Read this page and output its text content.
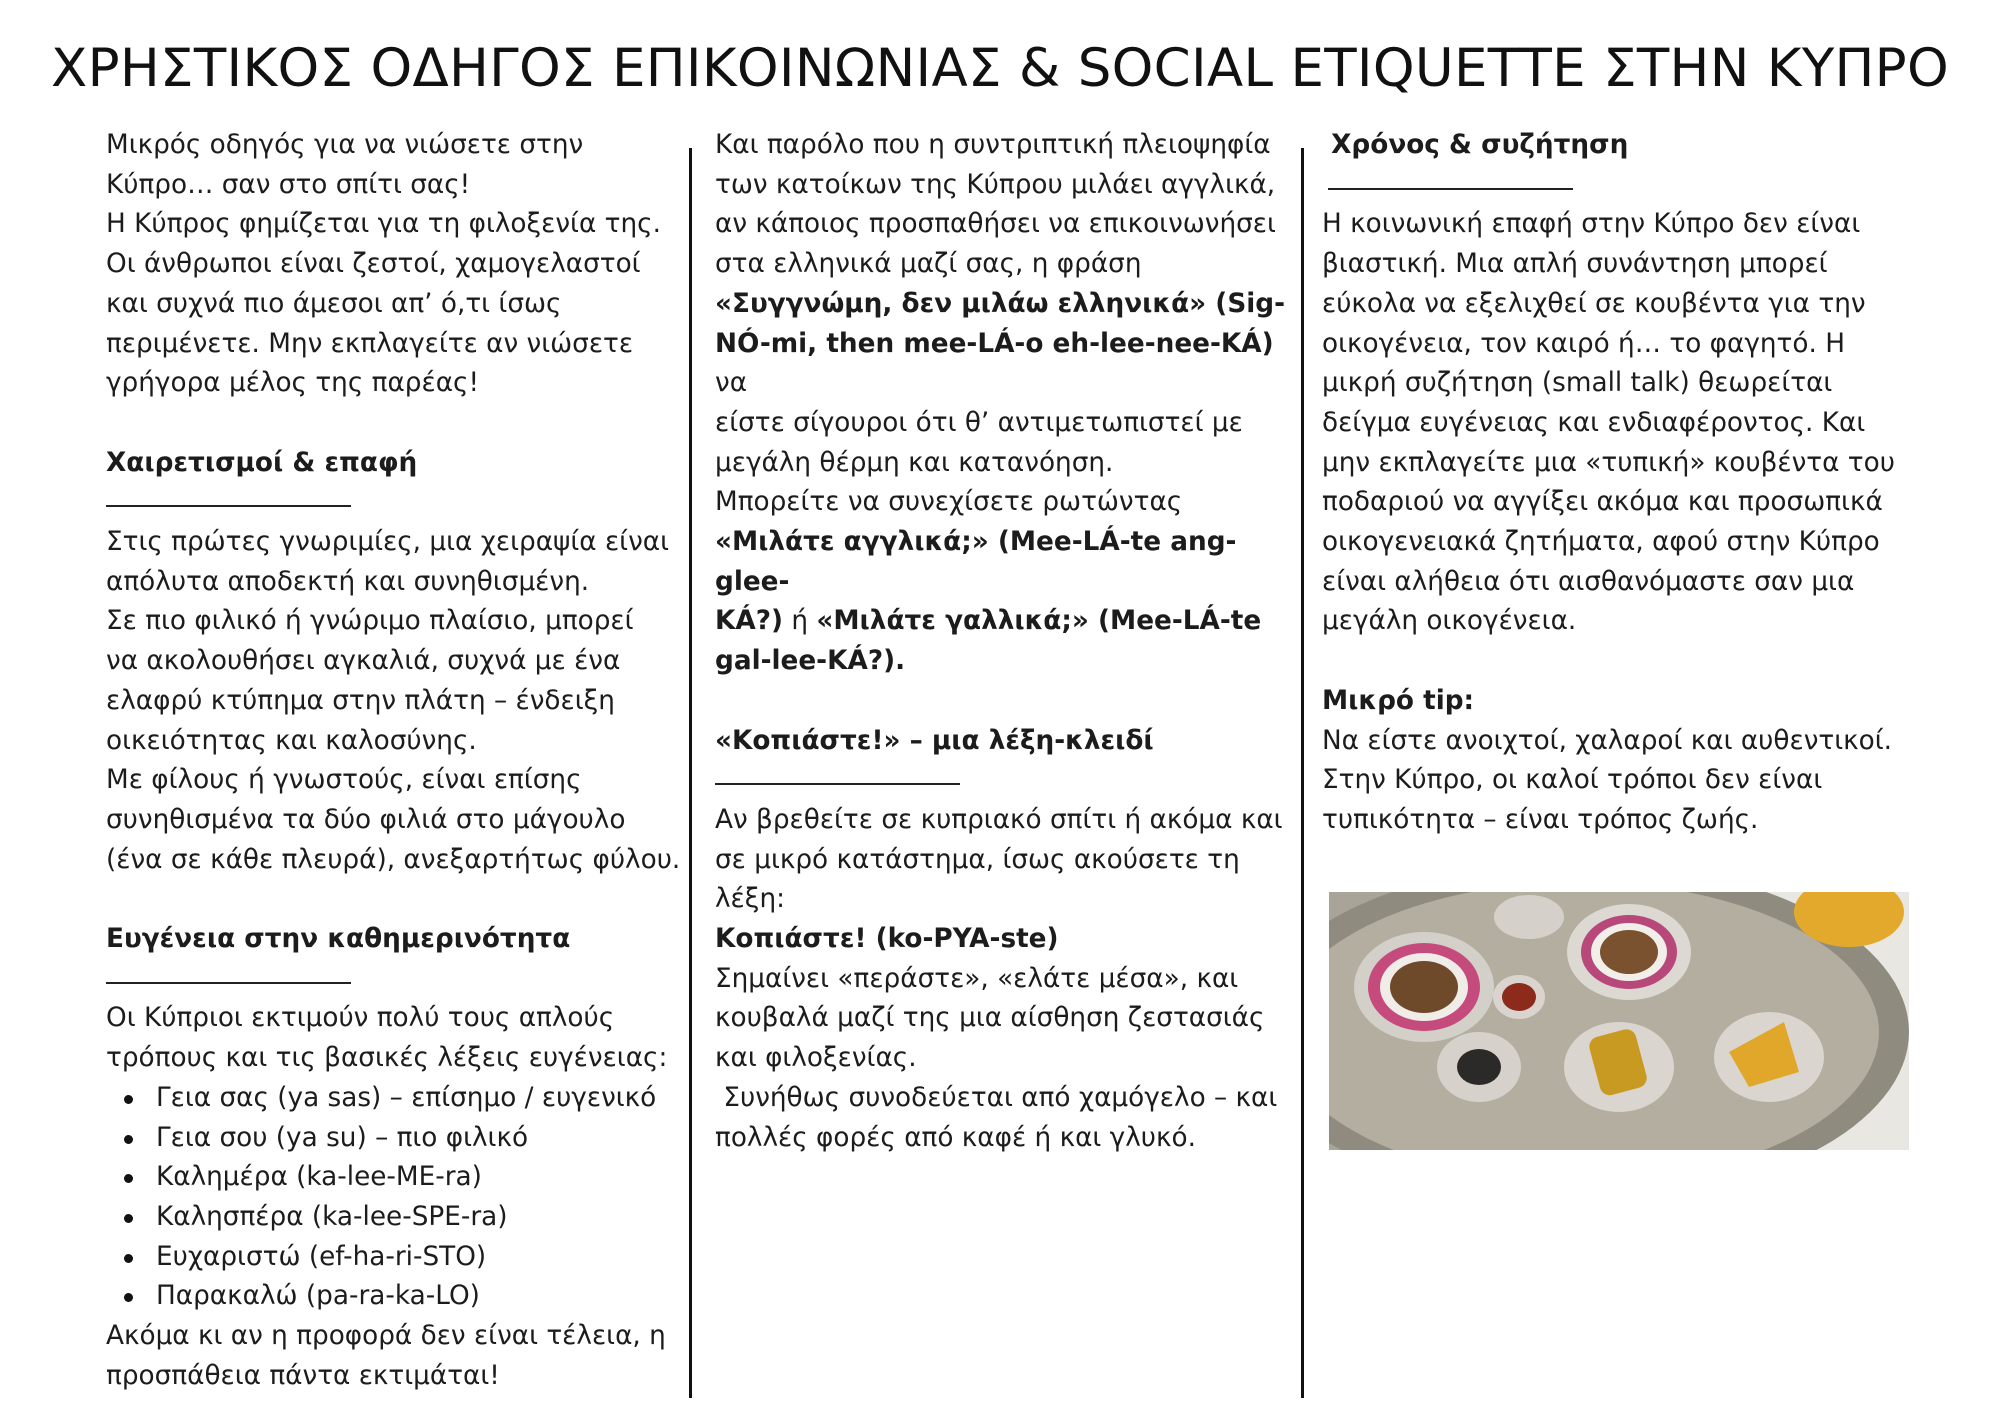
ΧΡΗΣΤΙΚΟΣ ΟΔΗΓΟΣ ΕΠΙΚΟΙΝΩΝΙΑΣ & SOCIAL ETIQUETTE ΣΤΗΝ ΚΥΠΡΟ

Μικρός οδηγός για να νιώσετε στην

Κύπρο… σαν στο σπίτι σας!

Η Κύπρος φημίζεται για τη φιλοξενία της.

Οι άνθρωποι είναι ζεστοί, χαμογελαστοί

και συχνά πιο άμεσοι απ’ ό,τι ίσως

περιμένετε. Μην εκπλαγείτε αν νιώσετε

γρήγορα μέλος της παρέας!

Χαιρετισμοί & επαφή

Στις πρώτες γνωριμίες, μια χειραψία είναι

απόλυτα αποδεκτή και συνηθισμένη.

Σε πιο φιλικό ή γνώριμο πλαίσιο, μπορεί

να ακολουθήσει αγκαλιά, συχνά με ένα

ελαφρύ κτύπημα στην πλάτη – ένδειξη

οικειότητας και καλοσύνης.

Με φίλους ή γνωστούς, είναι επίσης

συνηθισμένα τα δύο φιλιά στο μάγουλο

(ένα σε κάθε πλευρά), ανεξαρτήτως φύλου.

Ευγένεια στην καθημερινότητα

Οι Κύπριοι εκτιμούν πολύ τους απλούς

τρόπους και τις βασικές λέξεις ευγένειας:

Γεια σας (ya sas) – επίσημο / ευγενικό
Γεια σου (ya su) – πιο φιλικό
Καλημέρα (ka-lee-ME-ra)
Καλησπέρα (ka-lee-SPE-ra)
Ευχαριστώ (ef-ha-ri-STO)
Παρακαλώ (pa-ra-ka-LO)

Ακόμα κι αν η προφορά δεν είναι τέλεια, η

προσπάθεια πάντα εκτιμάται!

Και παρόλο που η συντριπτική πλειοψηφία

των κατοίκων της Κύπρου μιλάει αγγλικά,

αν κάποιος προσπαθήσει να επικοινωνήσει

στα ελληνικά μαζί σας, η φράση

«Συγγνώμη, δεν μιλάω ελληνικά» (Sig-

NÓ-mi, then mee-LÁ-o eh-lee-nee-KÁ) να

είστε σίγουροι ότι θ’ αντιμετωπιστεί με

μεγάλη θέρμη και κατανόηση.

Μπορείτε να συνεχίσετε ρωτώντας

«Μιλάτε αγγλικά;» (Mee-LÁ-te ang-glee-

KÁ?) ή «Μιλάτε γαλλικά;» (Mee-LÁ-te

gal-lee-KÁ?).

«Κοπιάστε!» – μια λέξη-κλειδί

Αν βρεθείτε σε κυπριακό σπίτι ή ακόμα και

σε μικρό κατάστημα, ίσως ακούσετε τη

λέξη:

Κοπιάστε! (ko-PYA-ste)

Σημαίνει «περάστε», «ελάτε μέσα», και

κουβαλά μαζί της μια αίσθηση ζεστασιάς

και φιλοξενίας.

Συνήθως συνοδεύεται από χαμόγελο – και

πολλές φορές από καφέ ή και γλυκό.

Χρόνος & συζήτηση

Η κοινωνική επαφή στην Κύπρο δεν είναι

βιαστική. Μια απλή συνάντηση μπορεί

εύκολα να εξελιχθεί σε κουβέντα για την

οικογένεια, τον καιρό ή… το φαγητό. Η

μικρή συζήτηση (small talk) θεωρείται

δείγμα ευγένειας και ενδιαφέροντος. Και

μην εκπλαγείτε μια «τυπική» κουβέντα του

ποδαριού να αγγίξει ακόμα και προσωπικά

οικογενειακά ζητήματα, αφού στην Κύπρο

είναι αλήθεια ότι αισθανόμαστε σαν μια

μεγάλη οικογένεια.

Μικρό tip:

Να είστε ανοιχτοί, χαλαροί και αυθεντικοί.

Στην Κύπρο, οι καλοί τρόποι δεν είναι

τυπικότητα – είναι τρόπος ζωής.
